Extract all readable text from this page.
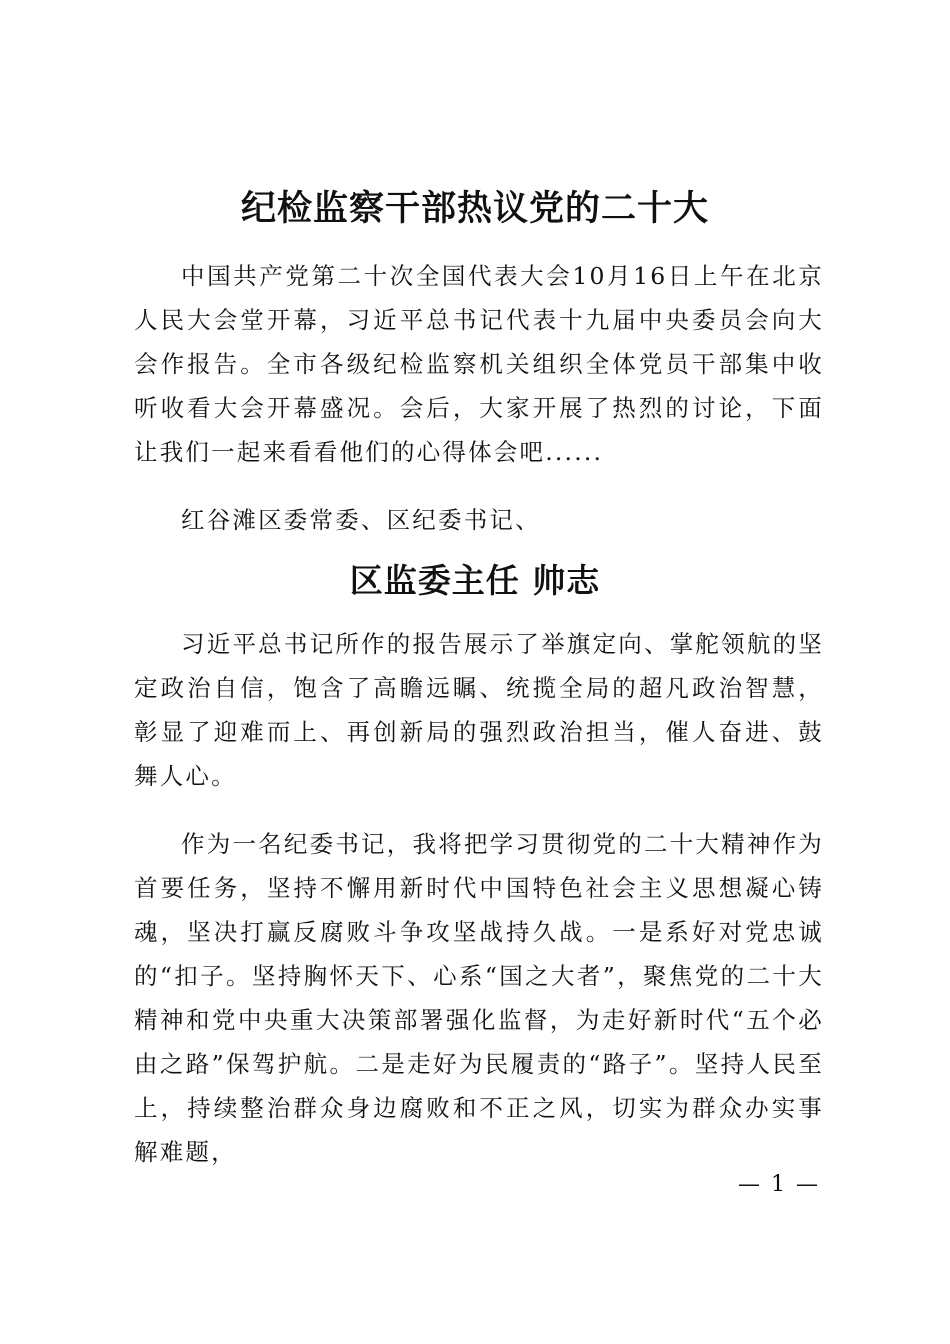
纪检监察干部热议党的二十大

中国共产党第二十次全国代表大会10月16日上午在北京人民大会堂开幕，习近平总书记代表十九届中央委员会向大会作报告。全市各级纪检监察机关组织全体党员干部集中收听收看大会开幕盛况。会后，大家开展了热烈的讨论，下面让我们一起来看看他们的心得体会吧......

红谷滩区委常委、区纪委书记、

区监委主任 帅志

习近平总书记所作的报告展示了举旗定向、掌舵领航的坚定政治自信，饱含了高瞻远瞩、统揽全局的超凡政治智慧，彰显了迎难而上、再创新局的强烈政治担当，催人奋进、鼓舞人心。

作为一名纪委书记，我将把学习贯彻党的二十大精神作为首要任务，坚持不懈用新时代中国特色社会主义思想凝心铸魂，坚决打赢反腐败斗争攻坚战持久战。一是系好对党忠诚的“扣子。坚持胸怀天下、心系“国之大者”，聚焦党的二十大精神和党中央重大决策部署强化监督，为走好新时代“五个必由之路”保驾护航。二是走好为民履责的“路子”。坚持人民至上，持续整治群众身边腐败和不正之风，切实为群众办实事解难题，

— 1 —
